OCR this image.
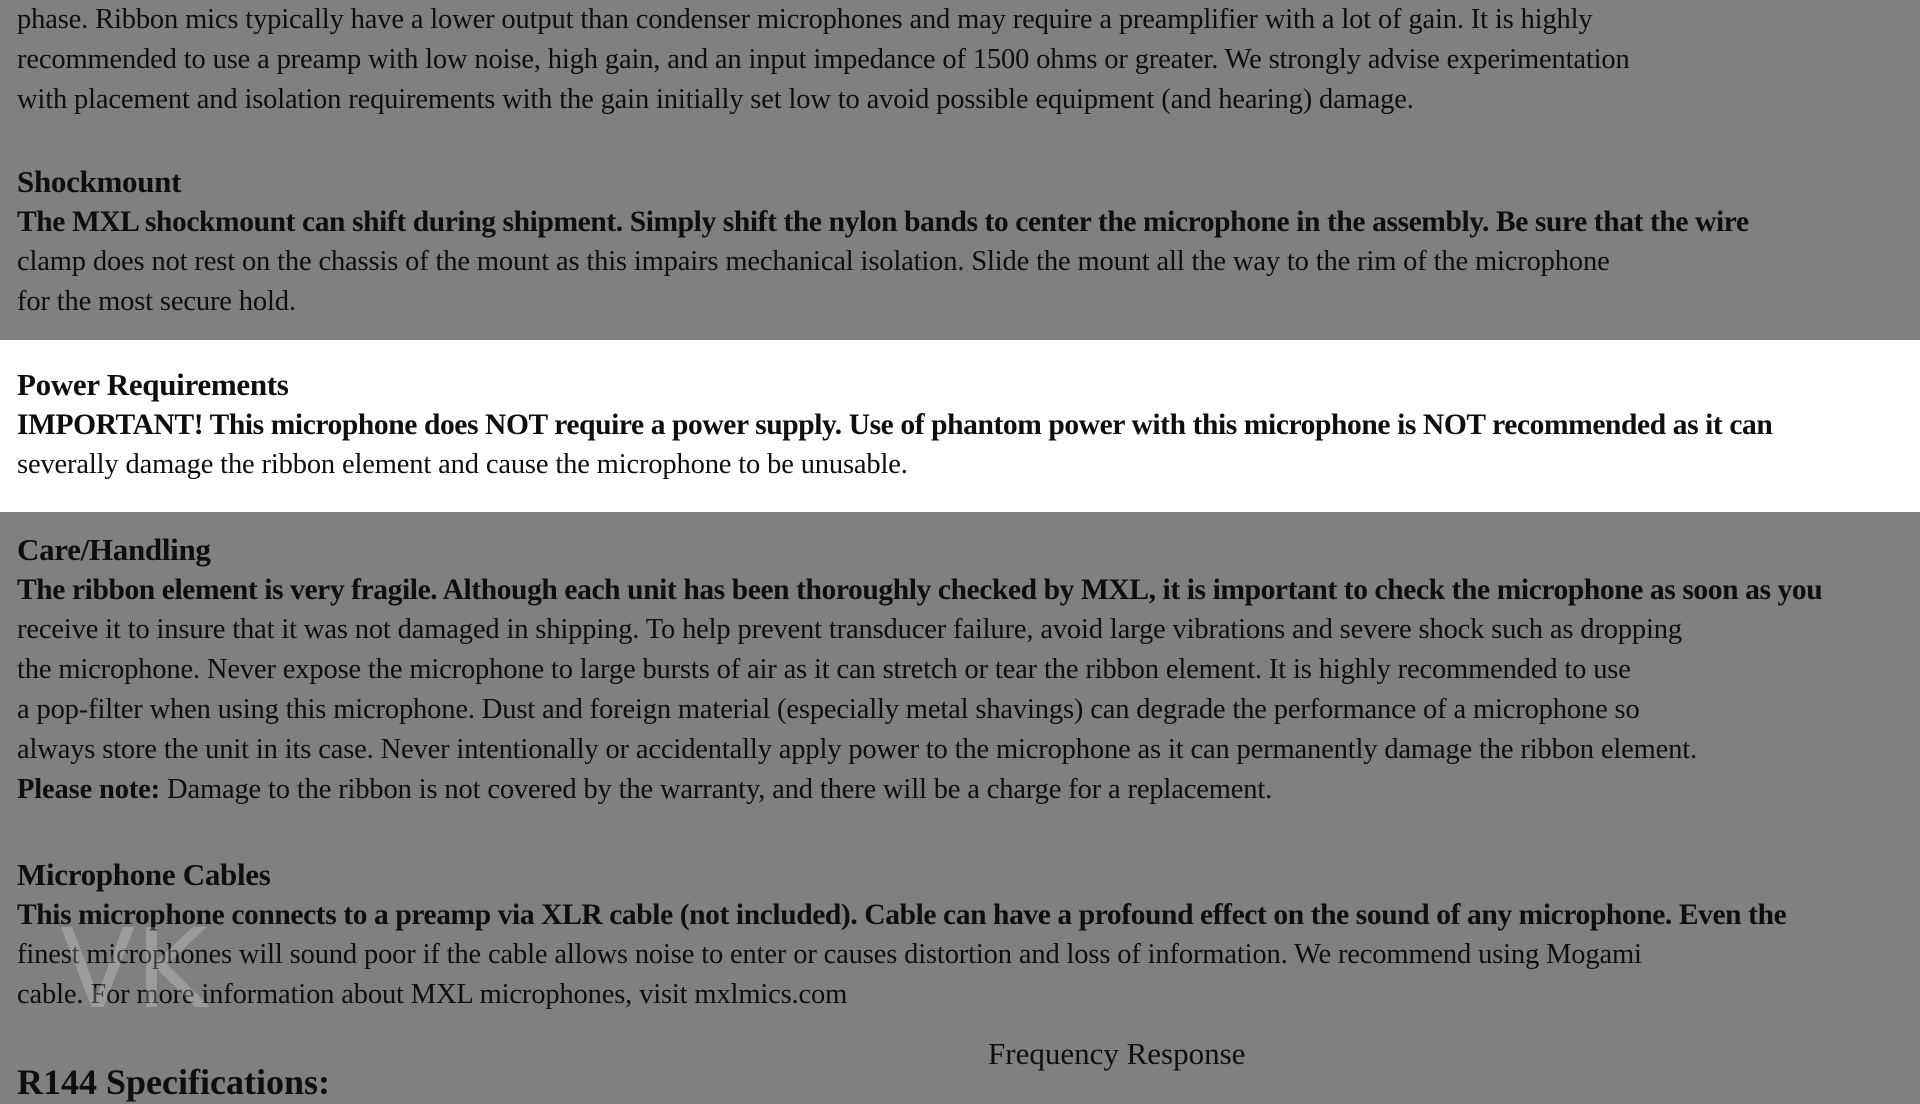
phase. Ribbon mics typically have a lower output than condenser microphones and may require a preamplifier with a lot of gain. It is highly
recommended to use a preamp with low noise, high gain, and an input impedance of 1500 ohms or greater. We strongly advise experimentation
with placement and isolation requirements with the gain initially set low to avoid possible equipment (and hearing) damage.
Shockmount
The MXL shockmount can shift during shipment. Simply shift the nylon bands to center the microphone in the assembly. Be sure that the wire
clamp does not rest on the chassis of the mount as this impairs mechanical isolation. Slide the mount all the way to the rim of the microphone
for the most secure hold.
Power Requirements
IMPORTANT! This microphone does NOT require a power supply. Use of phantom power with this microphone is NOT recommended as it can
severally damage the ribbon element and cause the microphone to be unusable.
Care/Handling
The ribbon element is very fragile. Although each unit has been thoroughly checked by MXL, it is important to check the microphone as soon as you
receive it to insure that it was not damaged in shipping. To help prevent transducer failure, avoid large vibrations and severe shock such as dropping
the microphone. Never expose the microphone to large bursts of air as it can stretch or tear the ribbon element. It is highly recommended to use
a pop-filter when using this microphone. Dust and foreign material (especially metal shavings) can degrade the performance of a microphone so
always store the unit in its case. Never intentionally or accidentally apply power to the microphone as it can permanently damage the ribbon element.
Please note: Damage to the ribbon is not covered by the warranty, and there will be a charge for a replacement.
Microphone Cables
This microphone connects to a preamp via XLR cable (not included). Cable can have a profound effect on the sound of any microphone. Even the
finest microphones will sound poor if the cable allows noise to enter or causes distortion and loss of information. We recommend using Mogami
cable. For more information about MXL microphones, visit mxlmics.com
VK
Frequency Response
R144 Specifications:
